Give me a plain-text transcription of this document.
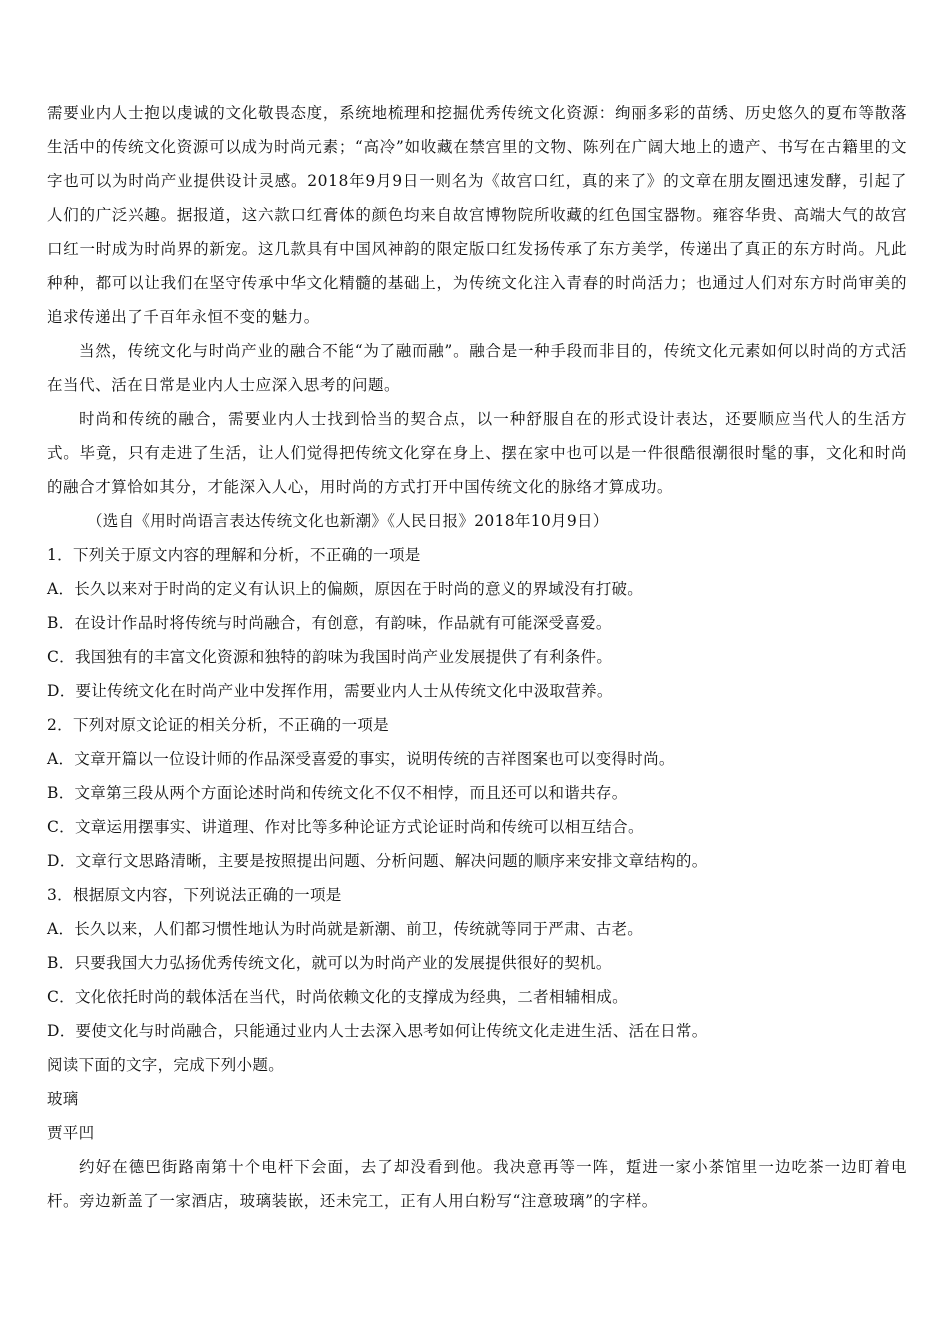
需要业内人士抱以虔诚的文化敬畏态度，系统地梳理和挖掘优秀传统文化资源：绚丽多彩的苗绣、历史悠久的夏布等散落生活中的传统文化资源可以成为时尚元素；“高冷”如收藏在禁宫里的文物、陈列在广阔大地上的遗产、书写在古籍里的文字也可以为时尚产业提供设计灵感。2018年9月9日一则名为《故宫口红，真的来了》的文章在朋友圈迅速发酵，引起了人们的广泛兴趣。据报道，这六款口红膏体的颜色均来自故宫博物院所收藏的红色国宝器物。雍容华贵、高端大气的故宫口红一时成为时尚界的新宠。这几款具有中国风神韵的限定版口红发扬传承了东方美学，传递出了真正的东方时尚。凡此种种，都可以让我们在坚守传承中华文化精髓的基础上，为传统文化注入青春的时尚活力；也通过人们对东方时尚审美的追求传递出了千百年永恒不变的魅力。

当然，传统文化与时尚产业的融合不能“为了融而融”。融合是一种手段而非目的，传统文化元素如何以时尚的方式活在当代、活在日常是业内人士应深入思考的问题。

时尚和传统的融合，需要业内人士找到恰当的契合点，以一种舒服自在的形式设计表达，还要顺应当代人的生活方式。毕竟，只有走进了生活，让人们觉得把传统文化穿在身上、摆在家中也可以是一件很酷很潮很时髦的事，文化和时尚的融合才算恰如其分，才能深入人心，用时尚的方式打开中国传统文化的脉络才算成功。

（选自《用时尚语言表达传统文化也新潮》《人民日报》2018年10月9日）

1．下列关于原文内容的理解和分析，不正确的一项是

A．长久以来对于时尚的定义有认识上的偏颇，原因在于时尚的意义的界域没有打破。

B．在设计作品时将传统与时尚融合，有创意，有韵味，作品就有可能深受喜爱。

C．我国独有的丰富文化资源和独特的韵味为我国时尚产业发展提供了有利条件。

D．要让传统文化在时尚产业中发挥作用，需要业内人士从传统文化中汲取营养。

2．下列对原文论证的相关分析，不正确的一项是

A．文章开篇以一位设计师的作品深受喜爱的事实，说明传统的吉祥图案也可以变得时尚。

B．文章第三段从两个方面论述时尚和传统文化不仅不相悖，而且还可以和谐共存。

C．文章运用摆事实、讲道理、作对比等多种论证方式论证时尚和传统可以相互结合。

D．文章行文思路清晰，主要是按照提出问题、分析问题、解决问题的顺序来安排文章结构的。

3．根据原文内容，下列说法正确的一项是

A．长久以来，人们都习惯性地认为时尚就是新潮、前卫，传统就等同于严肃、古老。

B．只要我国大力弘扬优秀传统文化，就可以为时尚产业的发展提供很好的契机。

C．文化依托时尚的载体活在当代，时尚依赖文化的支撑成为经典，二者相辅相成。

D．要使文化与时尚融合，只能通过业内人士去深入思考如何让传统文化走进生活、活在日常。

阅读下面的文字，完成下列小题。

玻璃

贾平凹

约好在德巴街路南第十个电杆下会面，去了却没看到他。我决意再等一阵，踅进一家小茶馆里一边吃茶一边盯着电杆。旁边新盖了一家酒店，玻璃装嵌，还未完工，正有人用白粉写“注意玻璃”的字样。
